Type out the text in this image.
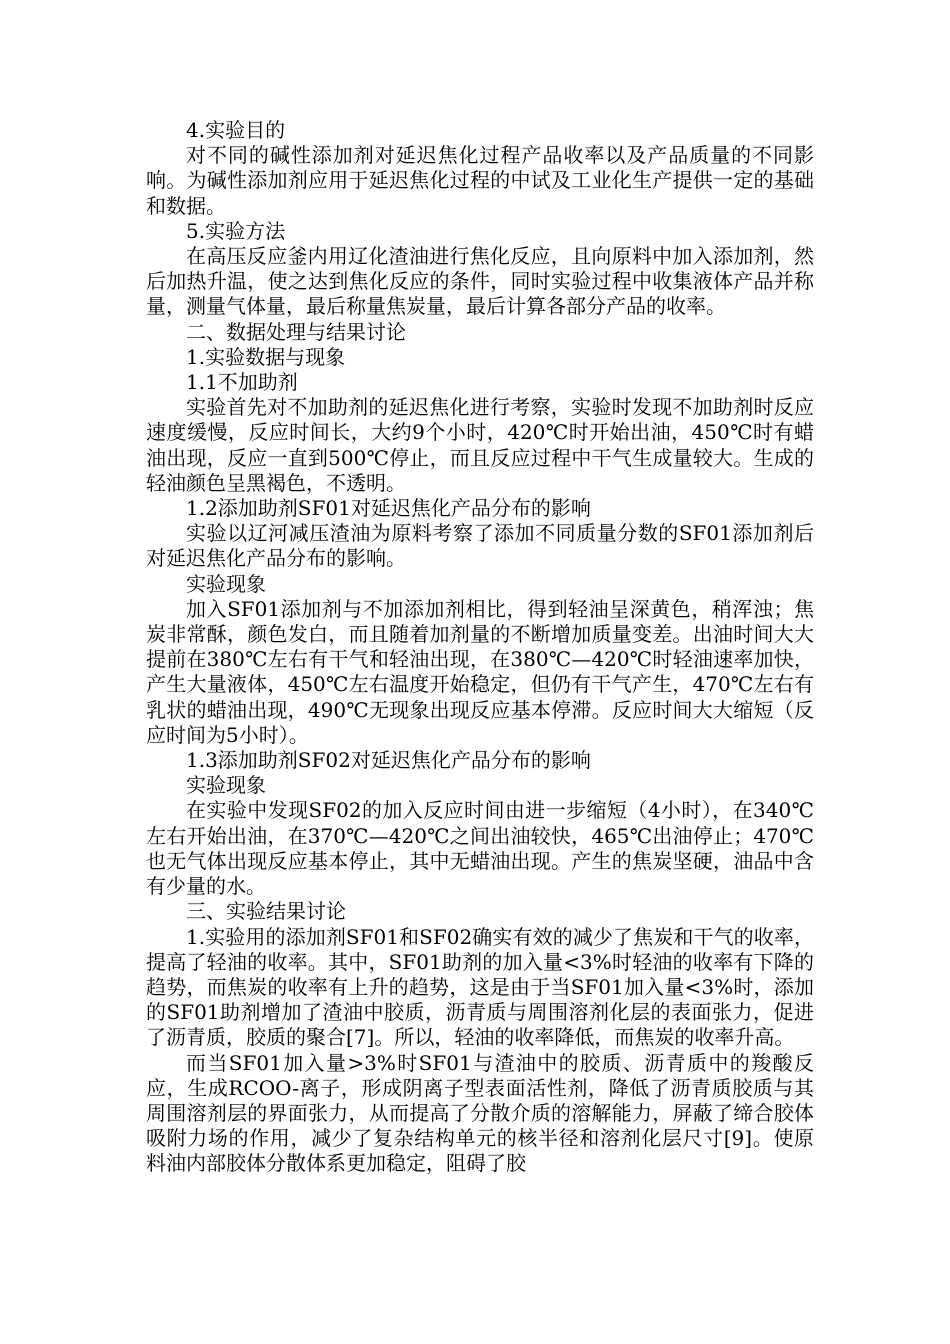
4.实验目的

对不同的碱性添加剂对延迟焦化过程产品收率以及产品质量的不同影响。为碱性添加剂应用于延迟焦化过程的中试及工业化生产提供一定的基础和数据。

5.实验方法

在高压反应釜内用辽化渣油进行焦化反应，且向原料中加入添加剂，然后加热升温，使之达到焦化反应的条件，同时实验过程中收集液体产品并称量，测量气体量，最后称量焦炭量，最后计算各部分产品的收率。

二、数据处理与结果讨论

1.实验数据与现象

1.1不加助剂

实验首先对不加助剂的延迟焦化进行考察，实验时发现不加助剂时反应速度缓慢，反应时间长，大约9个小时，420℃时开始出油，450℃时有蜡油出现，反应一直到500℃停止，而且反应过程中干气生成量较大。生成的轻油颜色呈黑褐色，不透明。

1.2添加助剂SF01对延迟焦化产品分布的影响

实验以辽河减压渣油为原料考察了添加不同质量分数的SF01添加剂后对延迟焦化产品分布的影响。

实验现象

加入SF01添加剂与不加添加剂相比，得到轻油呈深黄色，稍浑浊；焦炭非常酥，颜色发白，而且随着加剂量的不断增加质量变差。出油时间大大提前在380℃左右有干气和轻油出现，在380℃—420℃时轻油速率加快，产生大量液体，450℃左右温度开始稳定，但仍有干气产生，470℃左右有乳状的蜡油出现，490℃无现象出现反应基本停滞。反应时间大大缩短（反应时间为5小时）。

1.3添加助剂SF02对延迟焦化产品分布的影响

实验现象

在实验中发现SF02的加入反应时间由进一步缩短（4小时），在340℃左右开始出油，在370℃—420℃之间出油较快，465℃出油停止；470℃也无气体出现反应基本停止，其中无蜡油出现。产生的焦炭坚硬，油品中含有少量的水。

三、实验结果讨论

1.实验用的添加剂SF01和SF02确实有效的减少了焦炭和干气的收率，提高了轻油的收率。其中，SF01助剂的加入量<3%时轻油的收率有下降的趋势，而焦炭的收率有上升的趋势，这是由于当SF01加入量<3%时，添加的SF01助剂增加了渣油中胶质，沥青质与周围溶剂化层的表面张力，促进了沥青质，胶质的聚合[7]。所以，轻油的收率降低，而焦炭的收率升高。

而当SF01加入量>3%时SF01与渣油中的胶质、沥青质中的羧酸反应，生成RCOO-离子，形成阴离子型表面活性剂，降低了沥青质胶质与其周围溶剂层的界面张力，从而提高了分散介质的溶解能力，屏蔽了缔合胶体吸附力场的作用，减少了复杂结构单元的核半径和溶剂化层尺寸[9]。使原料油内部胶体分散体系更加稳定，阻碍了胶
